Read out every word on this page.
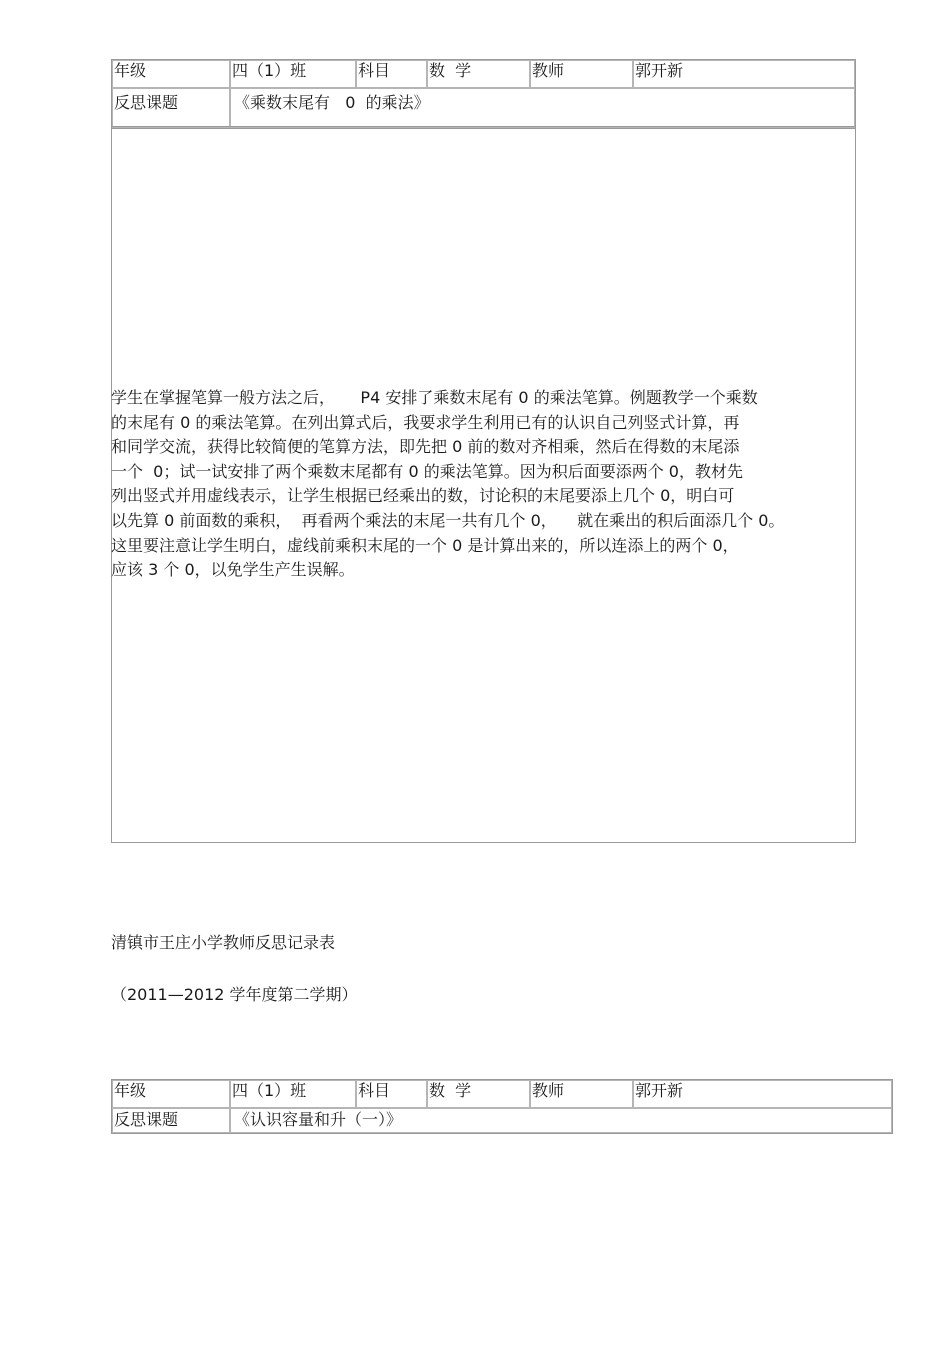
年级	四（1）班	科目	数  学	教师	郭开新
反思课题	《乘数末尾有   0  的乘法》				
学生在掌握笔算一般方法之后，     P4 安排了乘数末尾有 0 的乘法笔算。例题教学一个乘数
的末尾有 0 的乘法笔算。在列出算式后，我要求学生利用已有的认识自己列竖式计算，再
和同学交流，获得比较简便的笔算方法，即先把 0 前的数对齐相乘，然后在得数的末尾添
一个  0；试一试安排了两个乘数末尾都有 0 的乘法笔算。因为积后面要添两个 0，教材先
列出竖式并用虚线表示，让学生根据已经乘出的数，讨论积的末尾要添上几个 0，明白可
以先算 0 前面数的乘积，  再看两个乘法的末尾一共有几个 0，    就在乘出的积后面添几个 0。
这里要注意让学生明白，虚线前乘积末尾的一个 0 是计算出来的，所以连添上的两个 0，
应该 3 个 0，以免学生产生误解。
清镇市王庄小学教师反思记录表
（2011—2012 学年度第二学期）
年级	四（1）班	科目	数  学	教师	郭开新
反思课题	《认识容量和升（一）》				
